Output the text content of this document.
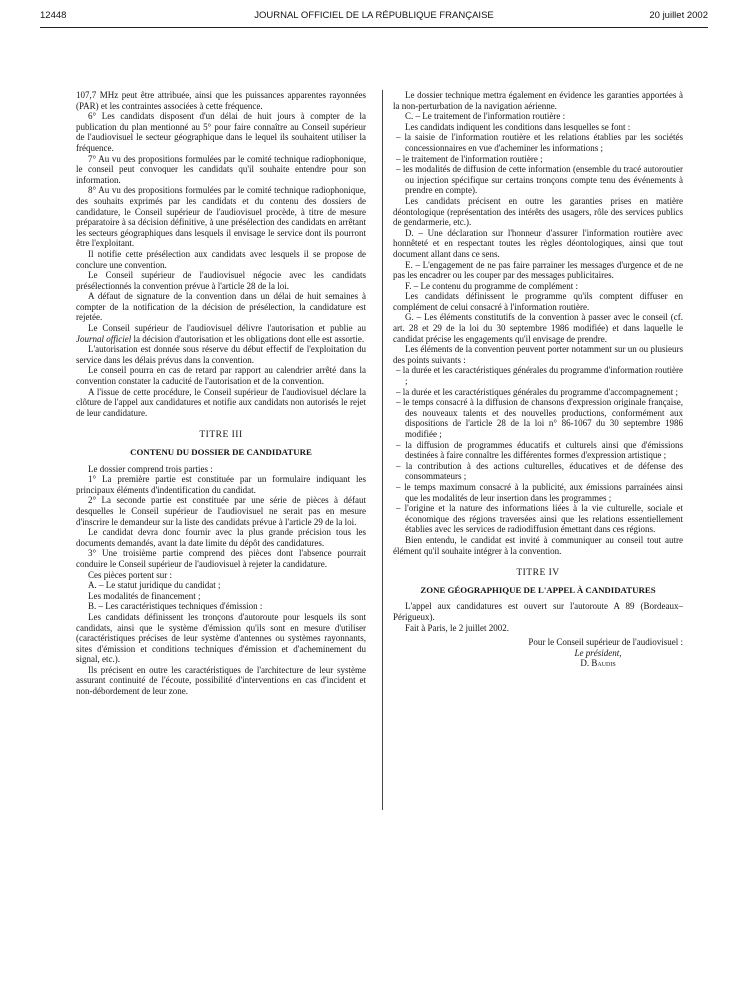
12448	JOURNAL OFFICIEL DE LA RÉPUBLIQUE FRANÇAISE	20 juillet 2002

107,7 MHz peut être attribuée, ainsi que les puissances apparentes rayonnées (PAR) et les contraintes associées à cette fréquence.

6° Les candidats disposent d'un délai de huit jours à compter de la publication du plan mentionné au 5° pour faire connaître au Conseil supérieur de l'audiovisuel le secteur géographique dans le lequel ils souhaitent utiliser la fréquence.

7° Au vu des propositions formulées par le comité technique radiophonique, le conseil peut convoquer les candidats qu'il souhaite entendre pour son information.

8° Au vu des propositions formulées par le comité technique radiophonique, des souhaits exprimés par les candidats et du contenu des dossiers de candidature, le Conseil supérieur de l'audiovisuel procède, à titre de mesure préparatoire à sa décision définitive, à une présélection des candidats en arrêtant les secteurs géographiques dans lesquels il envisage le service dont ils pourront être l'exploitant.

Il notifie cette présélection aux candidats avec lesquels il se propose de conclure une convention.

Le Conseil supérieur de l'audiovisuel négocie avec les candidats présélectionnés la convention prévue à l'article 28 de la loi.

A défaut de signature de la convention dans un délai de huit semaines à compter de la notification de la décision de présélection, la candidature est rejetée.

Le Conseil supérieur de l'audiovisuel délivre l'autorisation et publie au Journal officiel la décision d'autorisation et les obligations dont elle est assortie.

L'autorisation est donnée sous réserve du début effectif de l'exploitation du service dans les délais prévus dans la convention.

Le conseil pourra en cas de retard par rapport au calendrier arrêté dans la convention constater la caducité de l'autorisation et de la convention.

A l'issue de cette procédure, le Conseil supérieur de l'audiovisuel déclare la clôture de l'appel aux candidatures et notifie aux candidats non autorisés le rejet de leur candidature.

TITRE III

CONTENU DU DOSSIER DE CANDIDATURE

Le dossier comprend trois parties :

1° La première partie est constituée par un formulaire indiquant les principaux éléments d'indentification du candidat.

2° La seconde partie est constituée par une série de pièces à défaut desquelles le Conseil supérieur de l'audiovisuel ne serait pas en mesure d'inscrire le demandeur sur la liste des candidats prévue à l'article 29 de la loi.

Le candidat devra donc fournir avec la plus grande précision tous les documents demandés, avant la date limite du dépôt des candidatures.

3° Une troisième partie comprend des pièces dont l'absence pourrait conduire le Conseil supérieur de l'audiovisuel à rejeter la candidature.

Ces pièces portent sur :

A. – Le statut juridique du candidat ;

Les modalités de financement ;

B. – Les caractéristiques techniques d'émission :

Les candidats définissent les tronçons d'autoroute pour lesquels ils sont candidats, ainsi que le système d'émission qu'ils sont en mesure d'utiliser (caractéristiques précises de leur système d'antennes ou systèmes rayonnants, sites d'émission et conditions techniques d'émission et d'acheminement du signal, etc.).

Ils précisent en outre les caractéristiques de l'architecture de leur système assurant continuité de l'écoute, possibilité d'interventions en cas d'incident et non-débordement de leur zone.

Le dossier technique mettra également en évidence les garanties apportées à la non-perturbation de la navigation aérienne.

C. – Le traitement de l'information routière :

Les candidats indiquent les conditions dans lesquelles se font :

– la saisie de l'information routière et les relations établies par les sociétés concessionnaires en vue d'acheminer les informations ;

– le traitement de l'information routière ;

– les modalités de diffusion de cette information (ensemble du tracé autoroutier ou injection spécifique sur certains tronçons compte tenu des événements à prendre en compte).

Les candidats précisent en outre les garanties prises en matière déontologique (représentation des intérêts des usagers, rôle des services publics de gendarmerie, etc.).

D. – Une déclaration sur l'honneur d'assurer l'information routière avec honnêteté et en respectant toutes les règles déontologiques, ainsi que tout document allant dans ce sens.

E. – L'engagement de ne pas faire parrainer les messages d'urgence et de ne pas les encadrer ou les couper par des messages publicitaires.

F. – Le contenu du programme de complément :

Les candidats définissent le programme qu'ils comptent diffuser en complément de celui consacré à l'information routière.

G. – Les éléments constitutifs de la convention à passer avec le conseil (cf. art. 28 et 29 de la loi du 30 septembre 1986 modifiée) et dans laquelle le candidat précise les engagements qu'il envisage de prendre.

Les éléments de la convention peuvent porter notamment sur un ou plusieurs des points suivants :

– la durée et les caractéristiques générales du programme d'information routière ;

– la durée et les caractéristiques générales du programme d'accompagnement ;

– le temps consacré à la diffusion de chansons d'expression originale française, des nouveaux talents et des nouvelles productions, conformément aux dispositions de l'article 28 de la loi n° 86-1067 du 30 septembre 1986 modifiée ;

– la diffusion de programmes éducatifs et culturels ainsi que d'émissions destinées à faire connaître les différentes formes d'expression artistique ;

– la contribution à des actions culturelles, éducatives et de défense des consommateurs ;

– le temps maximum consacré à la publicité, aux émissions parrainées ainsi que les modalités de leur insertion dans les programmes ;

– l'origine et la nature des informations liées à la vie culturelle, sociale et économique des régions traversées ainsi que les relations essentiellement établies avec les services de radiodiffusion émettant dans ces régions.

Bien entendu, le candidat est invité à communiquer au conseil tout autre élément qu'il souhaite intégrer à la convention.

TITRE IV

ZONE GÉOGRAPHIQUE DE L'APPEL À CANDIDATURES

L'appel aux candidatures est ouvert sur l'autoroute A 89 (Bordeaux–Périgueux).

Fait à Paris, le 2 juillet 2002.

Pour le Conseil supérieur de l'audiovisuel :

Le président,

D. Baudis
